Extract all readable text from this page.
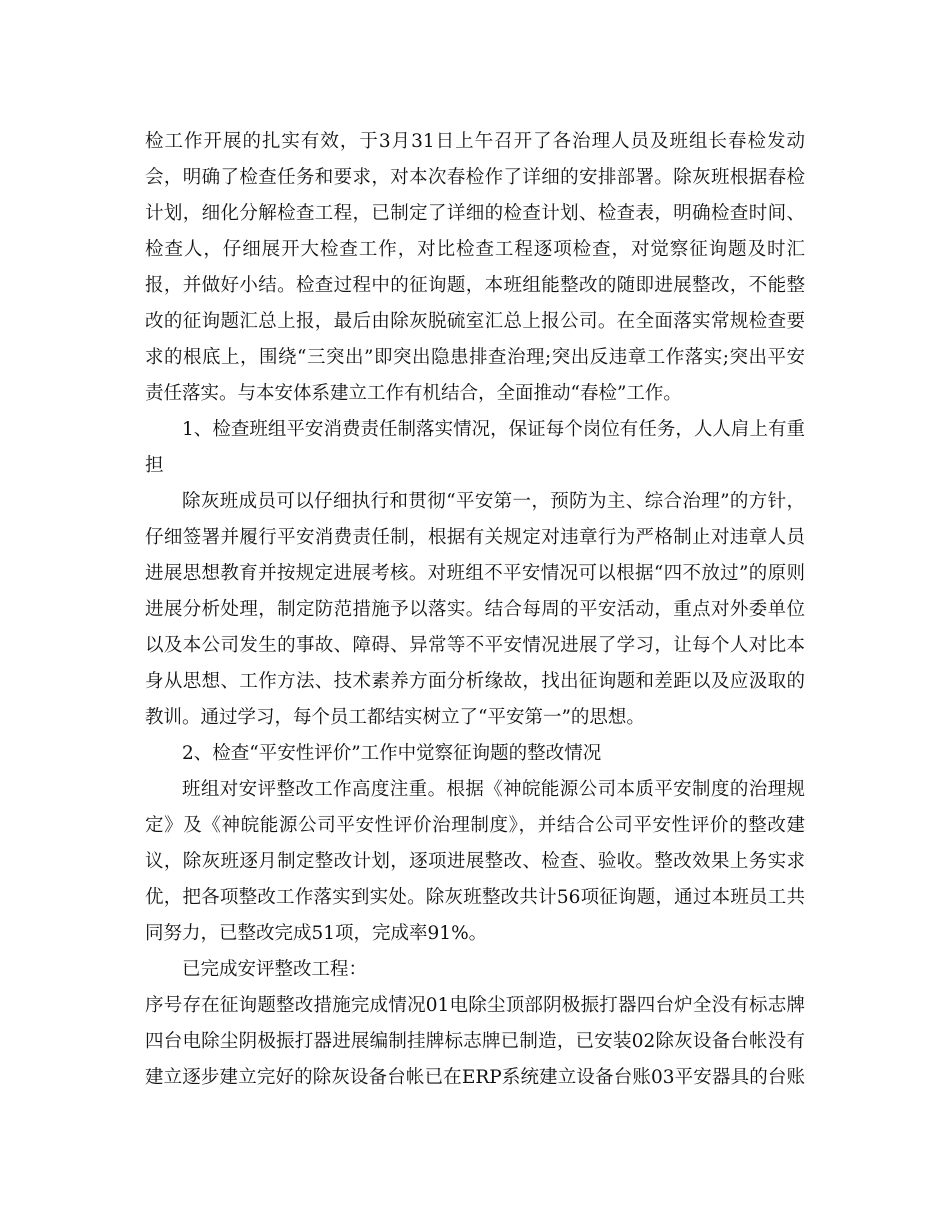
检工作开展的扎实有效，于3月31日上午召开了各治理人员及班组长春检发动
会，明确了检查任务和要求，对本次春检作了详细的安排部署。除灰班根据春检
计划，细化分解检查工程，已制定了详细的检查计划、检查表，明确检查时间、
检查人，仔细展开大检查工作，对比检查工程逐项检查，对觉察征询题及时汇
报，并做好小结。检查过程中的征询题，本班组能整改的随即进展整改，不能整
改的征询题汇总上报，最后由除灰脱硫室汇总上报公司。在全面落实常规检查要
求的根底上，围绕“三突出”即突出隐患排查治理;突出反违章工作落实;突出平安
责任落实。与本安体系建立工作有机结合，全面推动“春检”工作。
1、检查班组平安消费责任制落实情况，保证每个岗位有任务，人人肩上有重
担
除灰班成员可以仔细执行和贯彻“平安第一，预防为主、综合治理”的方针，
仔细签署并履行平安消费责任制，根据有关规定对违章行为严格制止对违章人员
进展思想教育并按规定进展考核。对班组不平安情况可以根据“四不放过”的原则
进展分析处理，制定防范措施予以落实。结合每周的平安活动，重点对外委单位
以及本公司发生的事故、障碍、异常等不平安情况进展了学习，让每个人对比本
身从思想、工作方法、技术素养方面分析缘故，找出征询题和差距以及应汲取的
教训。通过学习，每个员工都结实树立了“平安第一”的思想。
2、检查“平安性评价”工作中觉察征询题的整改情况
班组对安评整改工作高度注重。根据《神皖能源公司本质平安制度的治理规
定》及《神皖能源公司平安性评价治理制度》，并结合公司平安性评价的整改建
议，除灰班逐月制定整改计划，逐项进展整改、检查、验收。整改效果上务实求
优，把各项整改工作落实到实处。除灰班整改共计56项征询题，通过本班员工共
同努力，已整改完成51项，完成率91%。
已完成安评整改工程：
序号存在征询题整改措施完成情况01电除尘顶部阴极振打器四台炉全没有标志牌
四台电除尘阴极振打器进展编制挂牌标志牌已制造，已安装02除灰设备台帐没有
建立逐步建立完好的除灰设备台帐已在ERP系统建立设备台账03平安器具的台账
